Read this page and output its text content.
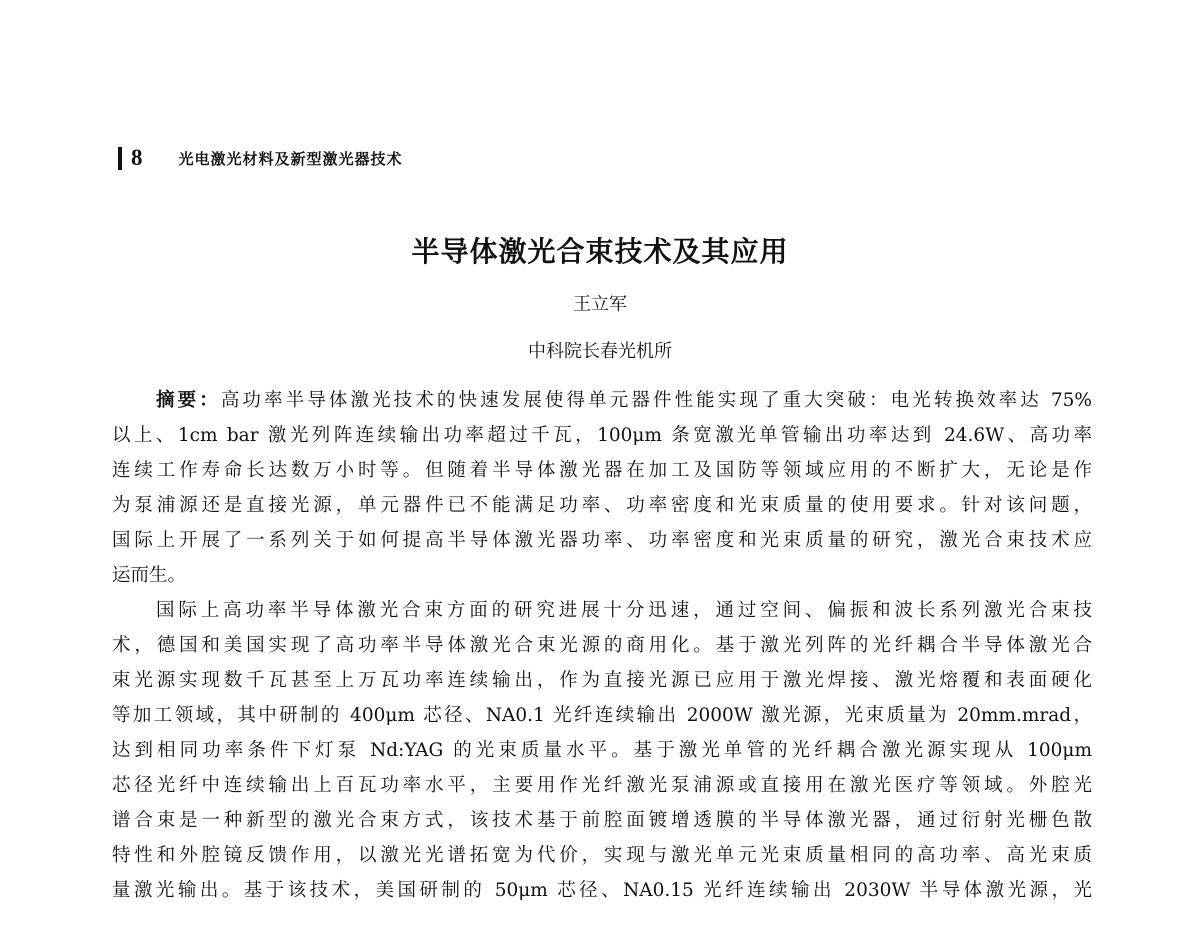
8 光电激光材料及新型激光器技术
半导体激光合束技术及其应用
王立军
中科院长春光机所
摘要：高功率半导体激光技术的快速发展使得单元器件性能实现了重大突破：电光转换效率达 75%
以上、1cm bar 激光列阵连续输出功率超过千瓦，100μm 条宽激光单管输出功率达到 24.6W、高功率
连续工作寿命长达数万小时等。但随着半导体激光器在加工及国防等领域应用的不断扩大，无论是作
为泵浦源还是直接光源，单元器件已不能满足功率、功率密度和光束质量的使用要求。针对该问题，
国际上开展了一系列关于如何提高半导体激光器功率、功率密度和光束质量的研究，激光合束技术应
运而生。
国际上高功率半导体激光合束方面的研究进展十分迅速，通过空间、偏振和波长系列激光合束技
术，德国和美国实现了高功率半导体激光合束光源的商用化。基于激光列阵的光纤耦合半导体激光合
束光源实现数千瓦甚至上万瓦功率连续输出，作为直接光源已应用于激光焊接、激光熔覆和表面硬化
等加工领域，其中研制的 400μm 芯径、NA0.1 光纤连续输出 2000W 激光源，光束质量为 20mm.mrad，
达到相同功率条件下灯泵 Nd:YAG 的光束质量水平。基于激光单管的光纤耦合激光源实现从 100μm
芯径光纤中连续输出上百瓦功率水平，主要用作光纤激光泵浦源或直接用在激光医疗等领域。外腔光
谱合束是一种新型的激光合束方式，该技术基于前腔面镀增透膜的半导体激光器，通过衍射光栅色散
特性和外腔镜反馈作用，以激光光谱拓宽为代价，实现与激光单元光束质量相同的高功率、高光束质
量激光输出。基于该技术，美国研制的 50μm 芯径、NA0.15 光纤连续输出 2030W 半导体激光源，光
